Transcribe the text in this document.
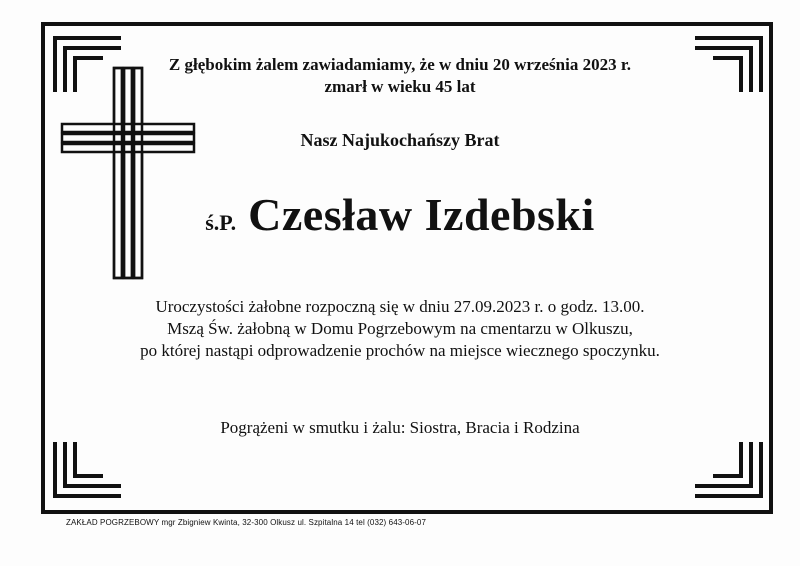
Z głębokim żalem zawiadamiamy, że w dniu 20 września 2023 r.
zmarł w wieku 45 lat
Nasz Najukochańszy Brat
ś.P. Czesław Izdebski
Uroczystości żałobne rozpoczną się w dniu 27.09.2023 r. o godz. 13.00.
Mszą Św. żałobną w Domu Pogrzebowym na cmentarzu w Olkuszu,
po której nastąpi odprowadzenie prochów na miejsce wiecznego spoczynku.
Pogrążeni w smutku i żalu: Siostra, Bracia i Rodzina
ZAKŁAD POGRZEBOWY mgr Zbigniew Kwinta, 32-300 Olkusz ul. Szpitalna 14 tel (032) 643-06-07
